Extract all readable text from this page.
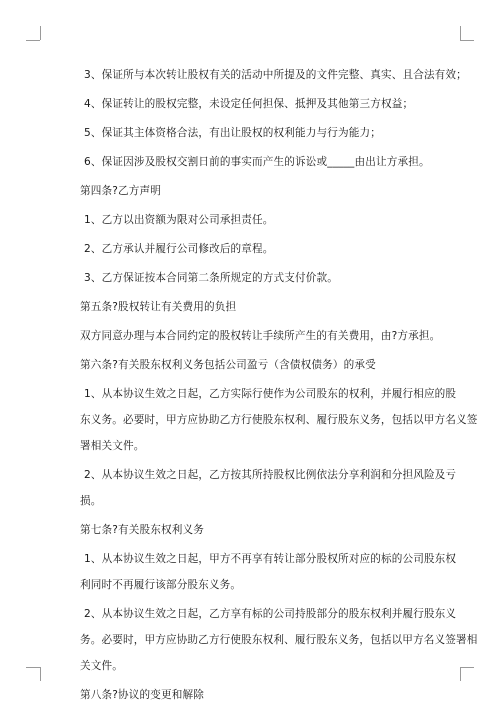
3、保证所与本次转让股权有关的活动中所提及的文件完整、真实、且合法有效；
4、保证转让的股权完整，未设定任何担保、抵押及其他第三方权益；
5、保证其主体资格合法，有出让股权的权利能力与行为能力；
6、保证因涉及股权交割日前的事实而产生的诉讼或_____由出让方承担。
第四条?乙方声明
1、乙方以出资额为限对公司承担责任。
2、乙方承认并履行公司修改后的章程。
3、乙方保证按本合同第二条所规定的方式支付价款。
第五条?股权转让有关费用的负担
双方同意办理与本合同约定的股权转让手续所产生的有关费用，由?方承担。
第六条?有关股东权利义务包括公司盈亏（含债权债务）的承受
1、从本协议生效之日起，乙方实际行使作为公司股东的权利，并履行相应的股
东义务。必要时，甲方应协助乙方行使股东权利、履行股东义务，包括以甲方名义签
署相关文件。
2、从本协议生效之日起，乙方按其所持股权比例依法分享利润和分担风险及亏
损。
第七条?有关股东权利义务
1、从本协议生效之日起，甲方不再享有转让部分股权所对应的标的公司股东权
利同时不再履行该部分股东义务。
2、从本协议生效之日起，乙方享有标的公司持股部分的股东权利并履行股东义
务。必要时，甲方应协助乙方行使股东权利、履行股东义务，包括以甲方名义签署相
关文件。
第八条?协议的变更和解除
